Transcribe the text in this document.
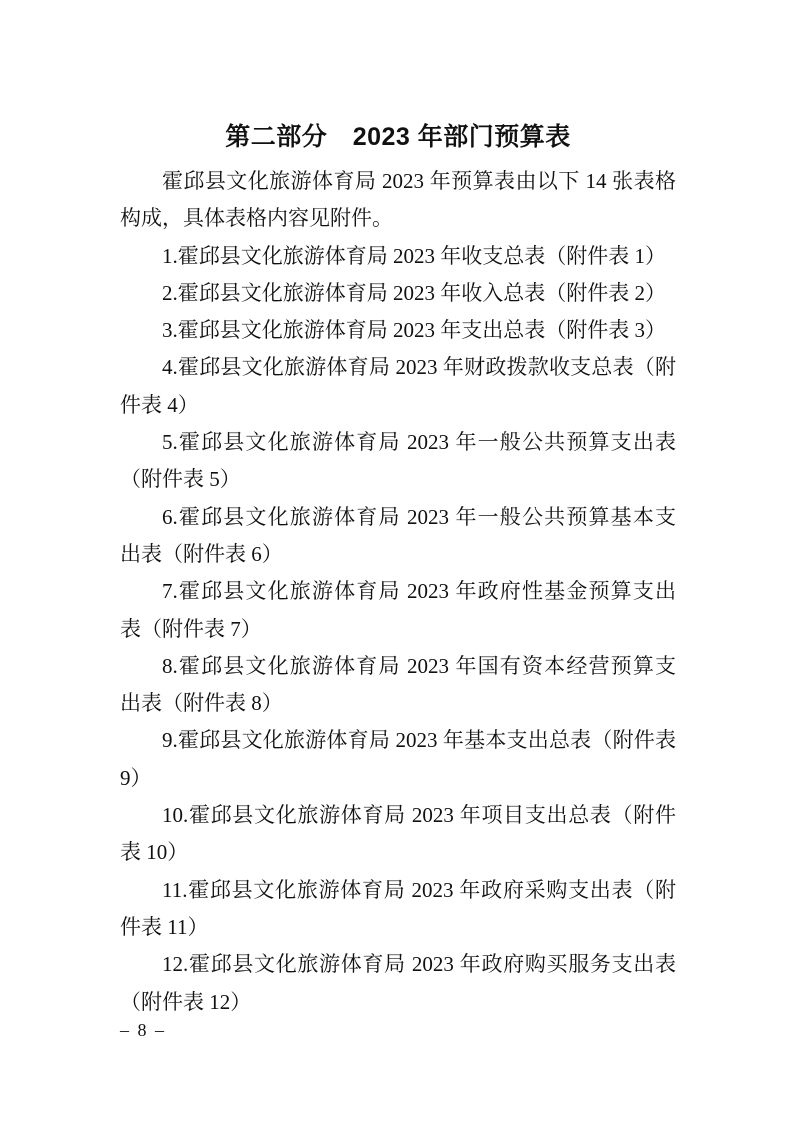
第二部分　2023 年部门预算表
霍邱县文化旅游体育局 2023 年预算表由以下 14 张表格
构成，具体表格内容见附件。
1.霍邱县文化旅游体育局 2023 年收支总表（附件表 1）
2.霍邱县文化旅游体育局 2023 年收入总表（附件表 2）
3.霍邱县文化旅游体育局 2023 年支出总表（附件表 3）
4.霍邱县文化旅游体育局 2023 年财政拨款收支总表（附
件表 4）
5.霍邱县文化旅游体育局 2023 年一般公共预算支出表
（附件表 5）
6.霍邱县文化旅游体育局 2023 年一般公共预算基本支
出表（附件表 6）
7.霍邱县文化旅游体育局 2023 年政府性基金预算支出
表（附件表 7）
8.霍邱县文化旅游体育局 2023 年国有资本经营预算支
出表（附件表 8）
9.霍邱县文化旅游体育局 2023 年基本支出总表（附件表
9）
10.霍邱县文化旅游体育局 2023 年项目支出总表（附件
表 10）
11.霍邱县文化旅游体育局 2023 年政府采购支出表（附
件表 11）
12.霍邱县文化旅游体育局 2023 年政府购买服务支出表
（附件表 12）
– 8 –
